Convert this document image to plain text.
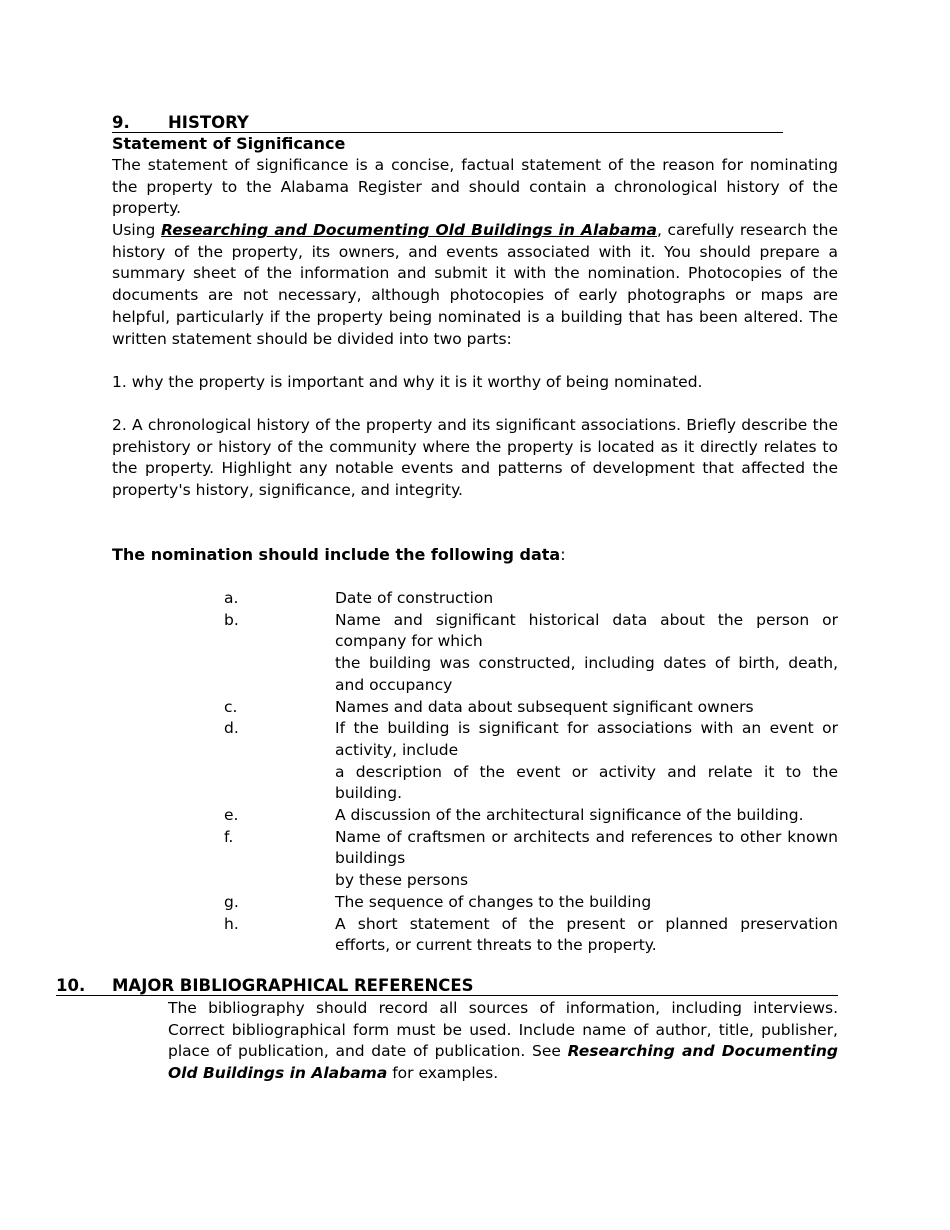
9. HISTORY
Statement of Significance
The statement of significance is a concise, factual statement of the reason for nominating the property to the Alabama Register and should contain a chronological history of the property.
Using Researching and Documenting Old Buildings in Alabama, carefully research the history of the property, its owners, and events associated with it. You should prepare a summary sheet of the information and submit it with the nomination. Photocopies of the documents are not necessary, although photocopies of early photographs or maps are helpful, particularly if the property being nominated is a building that has been altered. The written statement should be divided into two parts:
1. why the property is important and why it is it worthy of being nominated.
2. A chronological history of the property and its significant associations. Briefly describe the prehistory or history of the community where the property is located as it directly relates to the property. Highlight any notable events and patterns of development that affected the property's history, significance, and integrity.
The nomination should include the following data:
a.	Date of construction
b.	Name and significant historical data about the person or company for which
the building was constructed, including dates of birth, death, and occupancy
c.	Names and data about subsequent significant owners
d.	If the building is significant for associations with an event or activity, include
a description of the event or activity and relate it to the building.
e.	A discussion of the architectural significance of the building.
f.	Name of craftsmen or architects and references to other known buildings
by these persons
g.	The sequence of changes to the building
h.	A short statement of the present or planned preservation efforts, or current threats to the property.
10. MAJOR BIBLIOGRAPHICAL REFERENCES
The bibliography should record all sources of information, including interviews. Correct bibliographical form must be used. Include name of author, title, publisher, place of publication, and date of publication. See Researching and Documenting Old Buildings in Alabama for examples.
